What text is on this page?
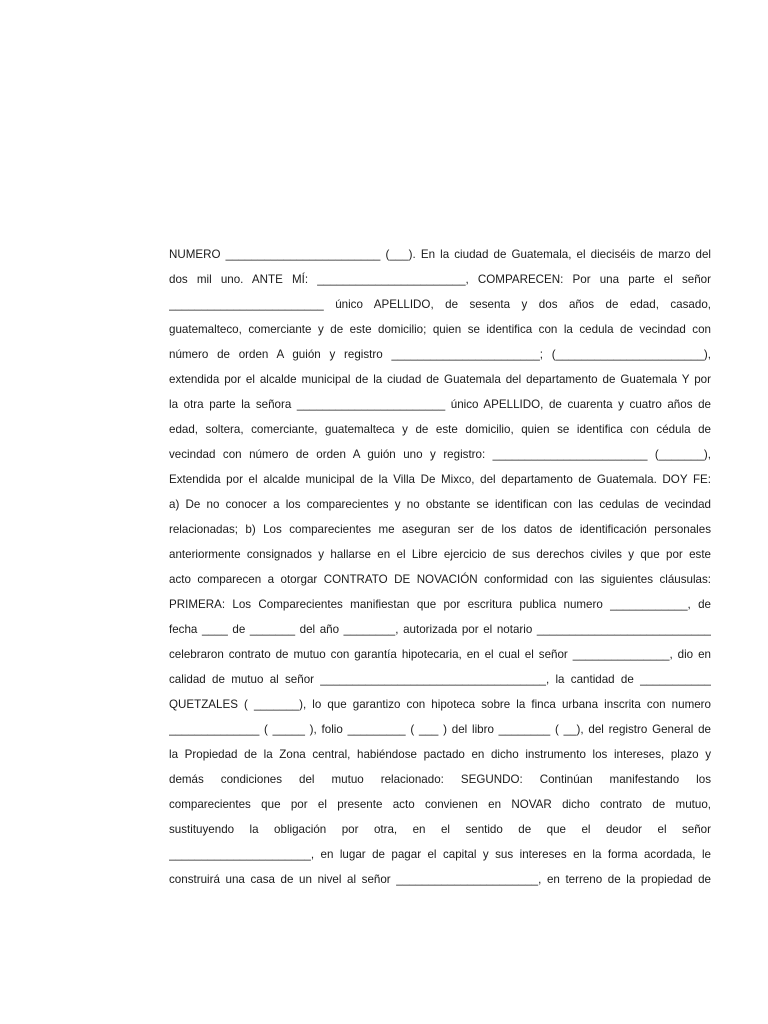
NUMERO ________________________ (___). En la ciudad de Guatemala, el dieciséis de marzo del

dos mil uno. ANTE MÍ: _______________________, COMPARECEN: Por una parte el señor

________________________ único APELLIDO, de sesenta y dos años de edad, casado,

guatemalteco, comerciante y de este domicilio; quien se identifica con la cedula de vecindad con

número de orden A guión y registro _______________________; (_______________________),

extendida por el alcalde municipal de la ciudad de Guatemala del departamento de Guatemala Y por

la otra parte la señora _______________________ único APELLIDO, de cuarenta y cuatro años de

edad, soltera, comerciante, guatemalteca y de este domicilio, quien se identifica con cédula de

vecindad con número de orden A guión uno y registro: ________________________ (_______),

Extendida por el alcalde municipal de la Villa De Mixco, del departamento de Guatemala. DOY FE:

a) De no conocer a los comparecientes y no obstante se identifican con las cedulas de vecindad

relacionadas; b) Los comparecientes me aseguran ser de los datos de identificación personales

anteriormente consignados y hallarse en el Libre ejercicio de sus derechos civiles y que por este

acto comparecen a otorgar CONTRATO DE NOVACIÓN conformidad con las siguientes cláusulas:

PRIMERA: Los Comparecientes manifiestan que por escritura publica numero ____________, de

fecha ____ de _______ del año ________, autorizada por el notario ___________________________

celebraron contrato de mutuo con garantía hipotecaria, en el cual el señor _______________, dio en

calidad de mutuo al señor ___________________________________, la cantidad de ___________

QUETZALES ( _______), lo que garantizo con hipoteca sobre la finca urbana inscrita con numero

______________ ( _____ ), folio _________ ( ___ ) del libro ________ ( __), del registro General de

la Propiedad de la Zona central, habiéndose pactado en dicho instrumento los intereses, plazo y

demás condiciones del mutuo relacionado: SEGUNDO: Continúan manifestando los

comparecientes que por el presente acto convienen en NOVAR dicho contrato de mutuo,

sustituyendo la obligación por otra, en el sentido de que el deudor el señor

______________________, en lugar de pagar el capital y sus intereses en la forma acordada, le

construirá una casa de un nivel al señor ______________________, en terreno de la propiedad de
